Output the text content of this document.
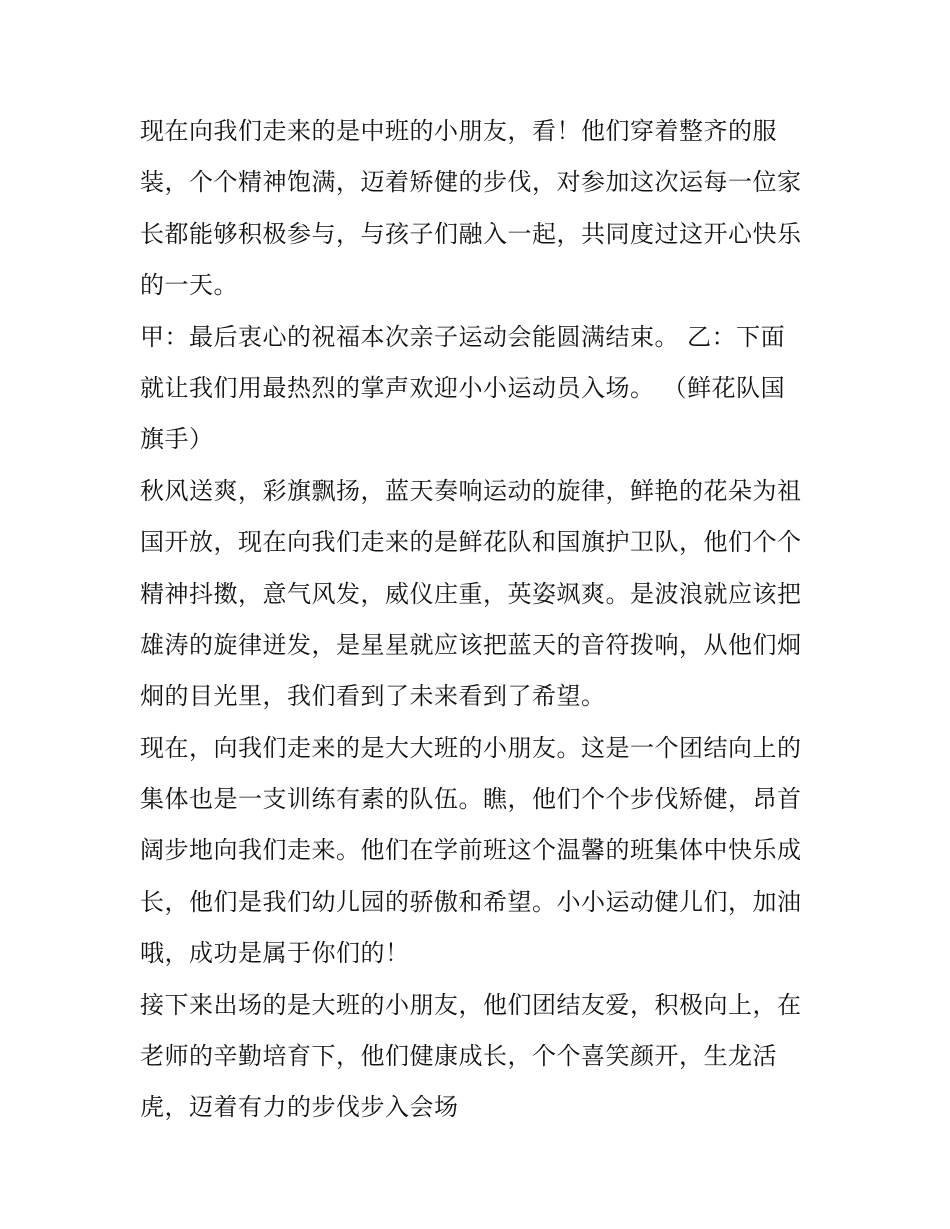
现在向我们走来的是中班的小朋友，看！他们穿着整齐的服
装，个个精神饱满，迈着矫健的步伐，对参加这次运每一位家
长都能够积极参与，与孩子们融入一起，共同度过这开心快乐
的一天。

甲：最后衷心的祝福本次亲子运动会能圆满结束。 乙：下面
就让我们用最热烈的掌声欢迎小小运动员入场。 （鲜花队国
旗手）

秋风送爽，彩旗飘扬，蓝天奏响运动的旋律，鲜艳的花朵为祖
国开放，现在向我们走来的是鲜花队和国旗护卫队，他们个个
精神抖擞，意气风发，威仪庄重，英姿飒爽。是波浪就应该把
雄涛的旋律迸发，是星星就应该把蓝天的音符拨响，从他们炯
炯的目光里，我们看到了未来看到了希望。

现在，向我们走来的是大大班的小朋友。这是一个团结向上的
集体也是一支训练有素的队伍。瞧，他们个个步伐矫健，昂首
阔步地向我们走来。他们在学前班这个温馨的班集体中快乐成
长，他们是我们幼儿园的骄傲和希望。小小运动健儿们，加油
哦，成功是属于你们的！

接下来出场的是大班的小朋友，他们团结友爱，积极向上，在
老师的辛勤培育下，他们健康成长，个个喜笑颜开，生龙活
虎，迈着有力的步伐步入会场
